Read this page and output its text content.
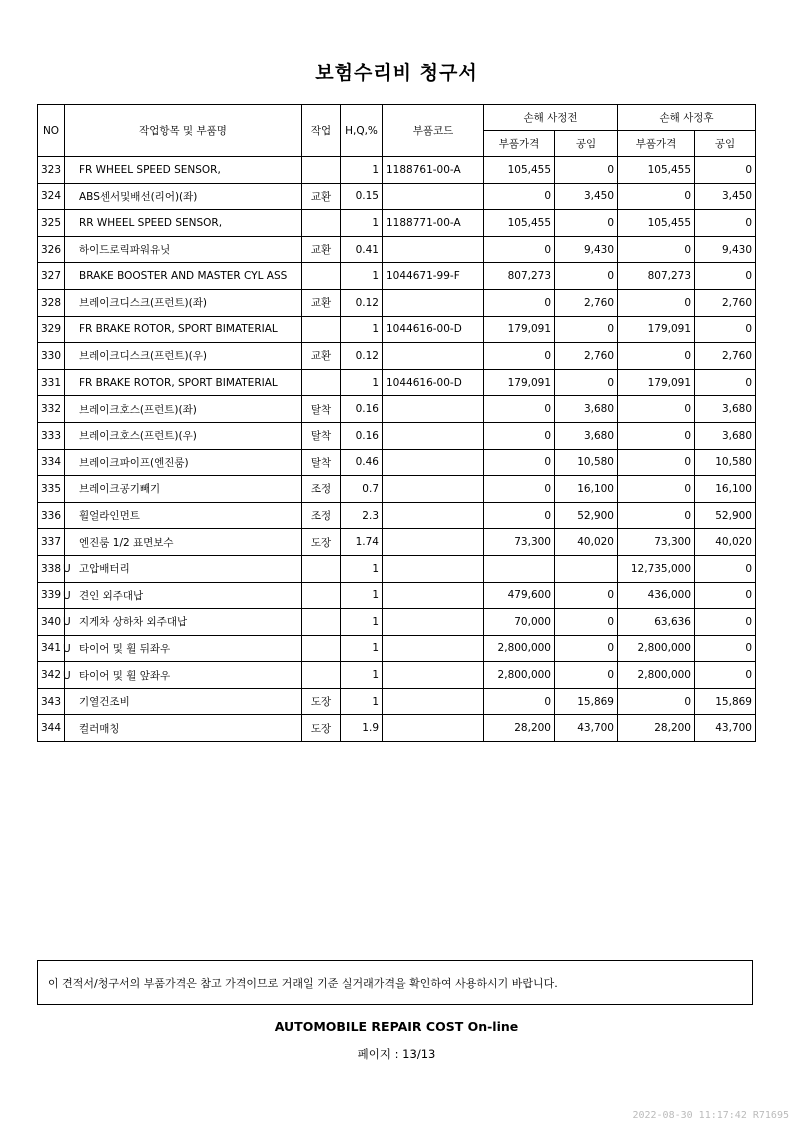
보험수리비 청구서
NO	작업항목 및 부품명	작업	H,Q,%	부품코드	손해 사정전		손해 사정후	
					부품가격	공임	부품가격	공임
323	FR WHEEL SPEED SENSOR,		1	1188761-00-A	105,455	0	105,455	0
324	ABS센서및배선(리어)(좌)	교환	0.15		0	3,450	0	3,450
325	RR WHEEL SPEED SENSOR,		1	1188771-00-A	105,455	0	105,455	0
326	하이드로릭파워유닛	교환	0.41		0	9,430	0	9,430
327	BRAKE BOOSTER AND MASTER CYL ASS		1	1044671-99-F	807,273	0	807,273	0
328	브레이크디스크(프런트)(좌)	교환	0.12		0	2,760	0	2,760
329	FR BRAKE ROTOR, SPORT BIMATERIAL		1	1044616-00-D	179,091	0	179,091	0
330	브레이크디스크(프런트)(우)	교환	0.12		0	2,760	0	2,760
331	FR BRAKE ROTOR, SPORT BIMATERIAL		1	1044616-00-D	179,091	0	179,091	0
332	브레이크호스(프런트)(좌)	탈착	0.16		0	3,680	0	3,680
333	브레이크호스(프런트)(우)	탈착	0.16		0	3,680	0	3,680
334	브레이크파이프(엔진룸)	탈착	0.46		0	10,580	0	10,580
335	브레이크공기빼기	조정	0.7		0	16,100	0	16,100
336	휠얼라인먼트	조정	2.3		0	52,900	0	52,900
337	엔진룸 1/2 표면보수	도장	1.74		73,300	40,020	73,300	40,020
338	U 고압배터리		1				12,735,000	0
339	U 견인 외주대납		1		479,600	0	436,000	0
340	U 지게차 상하차 외주대납		1		70,000	0	63,636	0
341	U 타이어 및 휠 뒤좌우		1		2,800,000	0	2,800,000	0
342	U 타이어 및 휠 앞좌우		1		2,800,000	0	2,800,000	0
343	기열건조비	도장	1		0	15,869	0	15,869
344	컬러매칭	도장	1.9		28,200	43,700	28,200	43,700
이 견적서/청구서의 부품가격은 참고 가격이므로 거래일 기준 실거래가격을 확인하여 사용하시기 바랍니다.
AUTOMOBILE REPAIR COST On-line
페이지 : 13/13
2022-08-30 11:17:42 R71695
